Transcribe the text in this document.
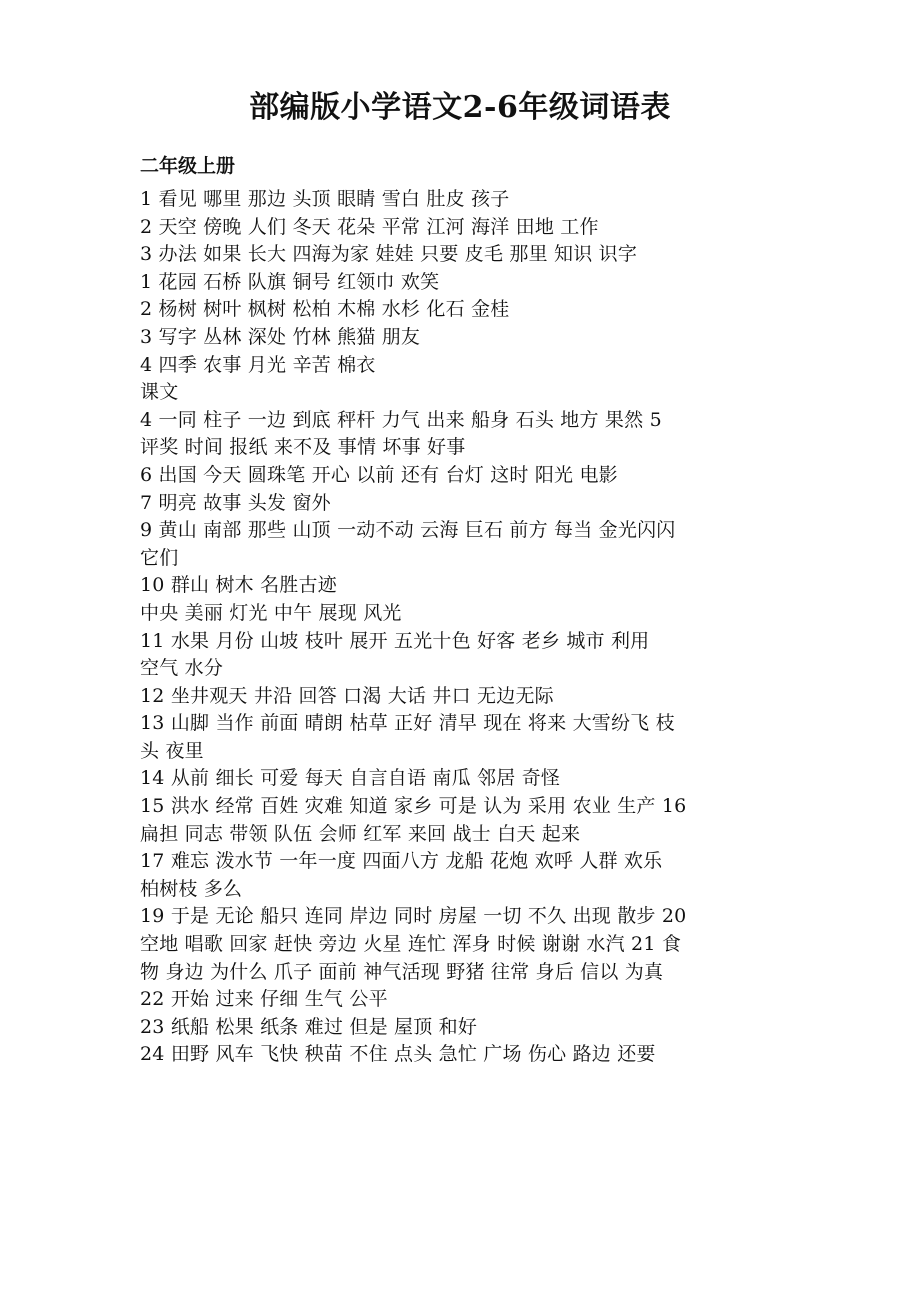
部编版小学语文2-6年级词语表
二年级上册
1 看见 哪里 那边 头顶 眼睛 雪白 肚皮 孩子
2 天空 傍晚 人们 冬天 花朵 平常 江河 海洋 田地 工作
3 办法 如果 长大 四海为家 娃娃 只要 皮毛 那里 知识 识字
1 花园 石桥 队旗 铜号 红领巾 欢笑
2 杨树 树叶 枫树 松柏 木棉 水杉 化石 金桂
3 写字 丛林 深处 竹林 熊猫 朋友
4 四季 农事 月光 辛苦 棉衣
课文
4 一同 柱子 一边 到底 秤杆 力气 出来 船身 石头 地方 果然 5
评奖 时间 报纸 来不及 事情 坏事 好事
6 出国 今天 圆珠笔 开心 以前 还有 台灯 这时 阳光 电影
7 明亮 故事 头发 窗外
9 黄山 南部 那些 山顶 一动不动 云海 巨石 前方 每当 金光闪闪
它们
10 群山 树木 名胜古迹
中央 美丽 灯光 中午 展现 风光
11 水果 月份 山坡 枝叶 展开 五光十色 好客 老乡 城市 利用
空气 水分
12 坐井观天 井沿 回答 口渴 大话 井口 无边无际
13 山脚 当作 前面 晴朗 枯草 正好 清早 现在 将来 大雪纷飞 枝
头 夜里
14 从前 细长 可爱 每天 自言自语 南瓜 邻居 奇怪
15 洪水 经常 百姓 灾难 知道 家乡 可是 认为 采用 农业 生产 16
扁担 同志 带领 队伍 会师 红军 来回 战士 白天 起来
17 难忘 泼水节 一年一度 四面八方 龙船 花炮 欢呼 人群 欢乐
柏树枝 多么
19 于是 无论 船只 连同 岸边 同时 房屋 一切 不久 出现 散步 20
空地 唱歌 回家 赶快 旁边 火星 连忙 浑身 时候 谢谢 水汽 21 食
物 身边 为什么 爪子 面前 神气活现 野猪 往常 身后 信以 为真
22 开始 过来 仔细 生气 公平
23 纸船 松果 纸条 难过 但是 屋顶 和好
24 田野 风车 飞快 秧苗 不住 点头 急忙 广场 伤心 路边 还要
